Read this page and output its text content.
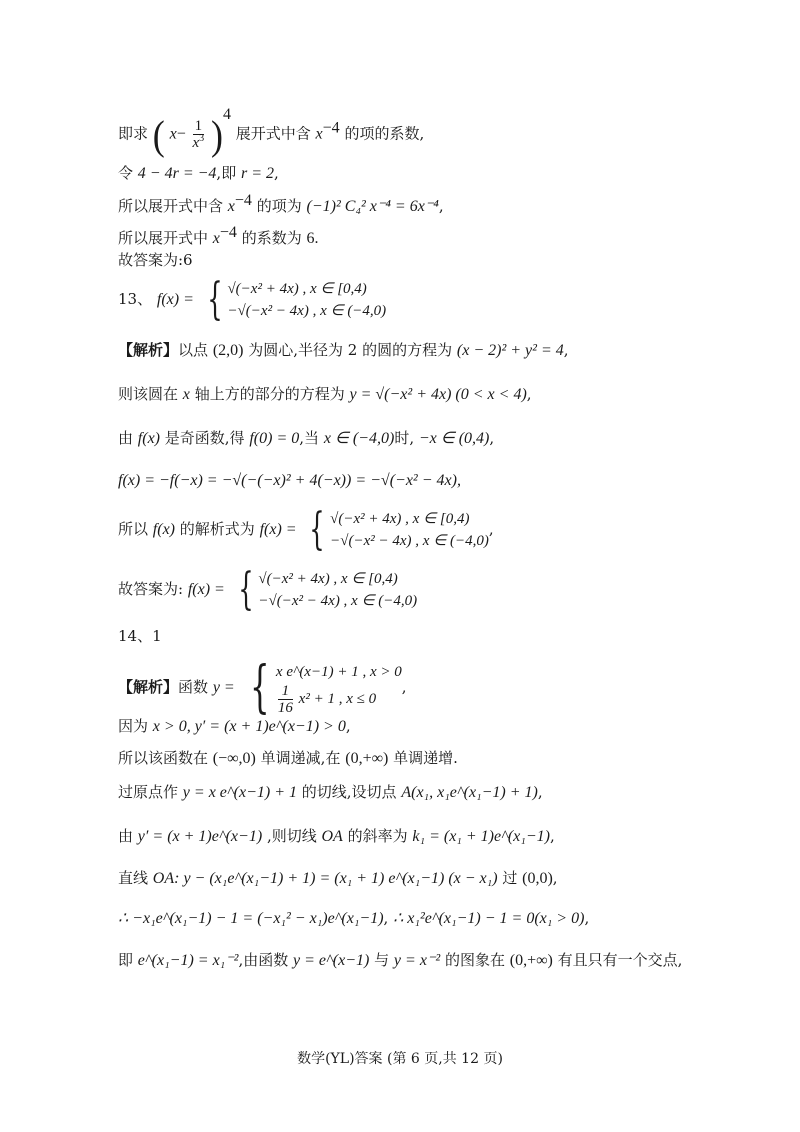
即求 ( $x- \frac{1}{x^3} )^4$ 展开式中含 $x^{-4}$ 的项的系数,
令 4 − 4r = −4,即 r = 2,
所以展开式中含 $x^{-4}$ 的项为 (−1)² C₄² x⁻⁴ = 6x⁻⁴,
所以展开式中 $x^{-4}$ 的系数为 6.
故答案为:6
13、 f(x) = { √(−x² + 4x) , x ∈ [0,4)
−√(−x² − 4x) , x ∈ (−4,0)
【解析】以点 (2,0) 为圆心,半径为 2 的圆的方程为 (x − 2)² + y² = 4,
则该圆在 x 轴上方的部分的方程为 y = √(−x² + 4x) (0 < x < 4),
由 f(x) 是奇函数,得 f(0) = 0,当 x ∈ (−4,0)时, −x ∈ (0,4),
f(x) = −f(−x) = −√(−(−x)² + 4(−x)) = −√(−x² − 4x),
所以 f(x) 的解析式为 f(x) = { √(−x² + 4x) , x ∈ [0,4)
−√(−x² − 4x) , x ∈ (−4,0)
,
故答案为: f(x) = { √(−x² + 4x) , x ∈ [0,4)
−√(−x² − 4x) , x ∈ (−4,0)
14、1
【解析】函数 y = { x e^(x−1) + 1 , x > 0
$\frac{1}{16} x^2 + 1$ , x ≤ 0
,
因为 x > 0, y′ = (x + 1)e^(x−1) > 0,
所以该函数在 (−∞,0) 单调递减,在 (0,+∞) 单调递增.
过原点作 y = x e^(x−1) + 1 的切线,设切点 A(x₁, x₁e^(x₁−1) + 1),
由 y′ = (x + 1)e^(x−1) ,则切线 OA 的斜率为 k₁ = (x₁ + 1)e^(x₁−1),
直线 OA: y − (x₁e^(x₁−1) + 1) = (x₁ + 1) e^(x₁−1) (x − x₁) 过 (0,0),
∴ −x₁e^(x₁−1) − 1 = (−x₁² − x₁)e^(x₁−1), ∴ x₁²e^(x₁−1) − 1 = 0(x₁ > 0),
即 e^(x₁−1) = x₁⁻²,由函数 y = e^(x−1) 与 y = x⁻² 的图象在 (0,+∞) 有且只有一个交点,
数学(YL)答案 (第 6 页,共 12 页)
